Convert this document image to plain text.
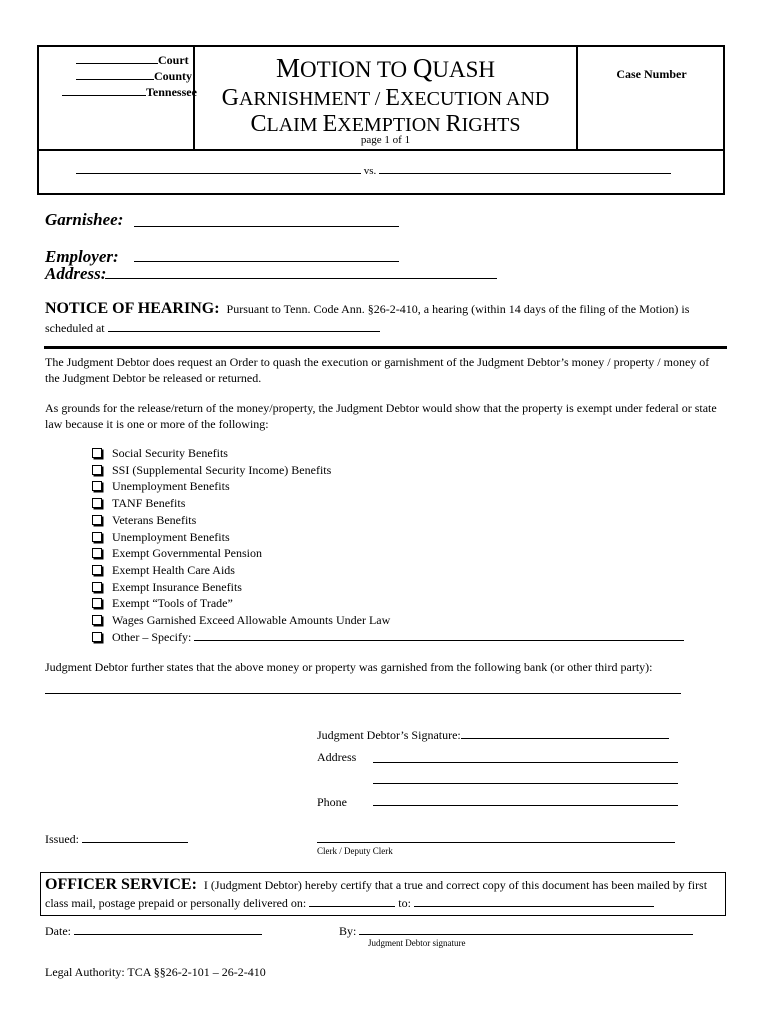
Court
County
Tennessee
MOTION TO QUASH
GARNISHMENT / EXECUTION AND
CLAIM EXEMPTION RIGHTS
page 1 of 1
Case Number
vs.
Garnishee:
Employer:
Address:
NOTICE OF HEARING: Pursuant to Tenn. Code Ann. §26-2-410, a hearing (within 14 days of the filing of the Motion) is
scheduled at
The Judgment Debtor does request an Order to quash the execution or garnishment of the Judgment Debtor’s money / property / money of the Judgment Debtor be released or returned.
As grounds for the release/return of the money/property, the Judgment Debtor would show that the property is exempt under federal or state law because it is one or more of the following:
Social Security Benefits
SSI (Supplemental Security Income) Benefits
Unemployment Benefits
TANF Benefits
Veterans Benefits
Unemployment Benefits
Exempt Governmental Pension
Exempt Health Care Aids
Exempt Insurance Benefits
Exempt “Tools of Trade”
Wages Garnished Exceed Allowable Amounts Under Law
Other – Specify:
Judgment Debtor further states that the above money or property was garnished from the following bank (or other third party):
Judgment Debtor’s Signature:
Address
Phone
Issued:
Clerk / Deputy Clerk
OFFICER SERVICE: I (Judgment Debtor) hereby certify that a true and correct copy of this document has been mailed by first
class mail, postage prepaid or personally delivered on:	to:
Date:	By:
Judgment Debtor signature
Legal Authority: TCA §§26-2-101 – 26-2-410
